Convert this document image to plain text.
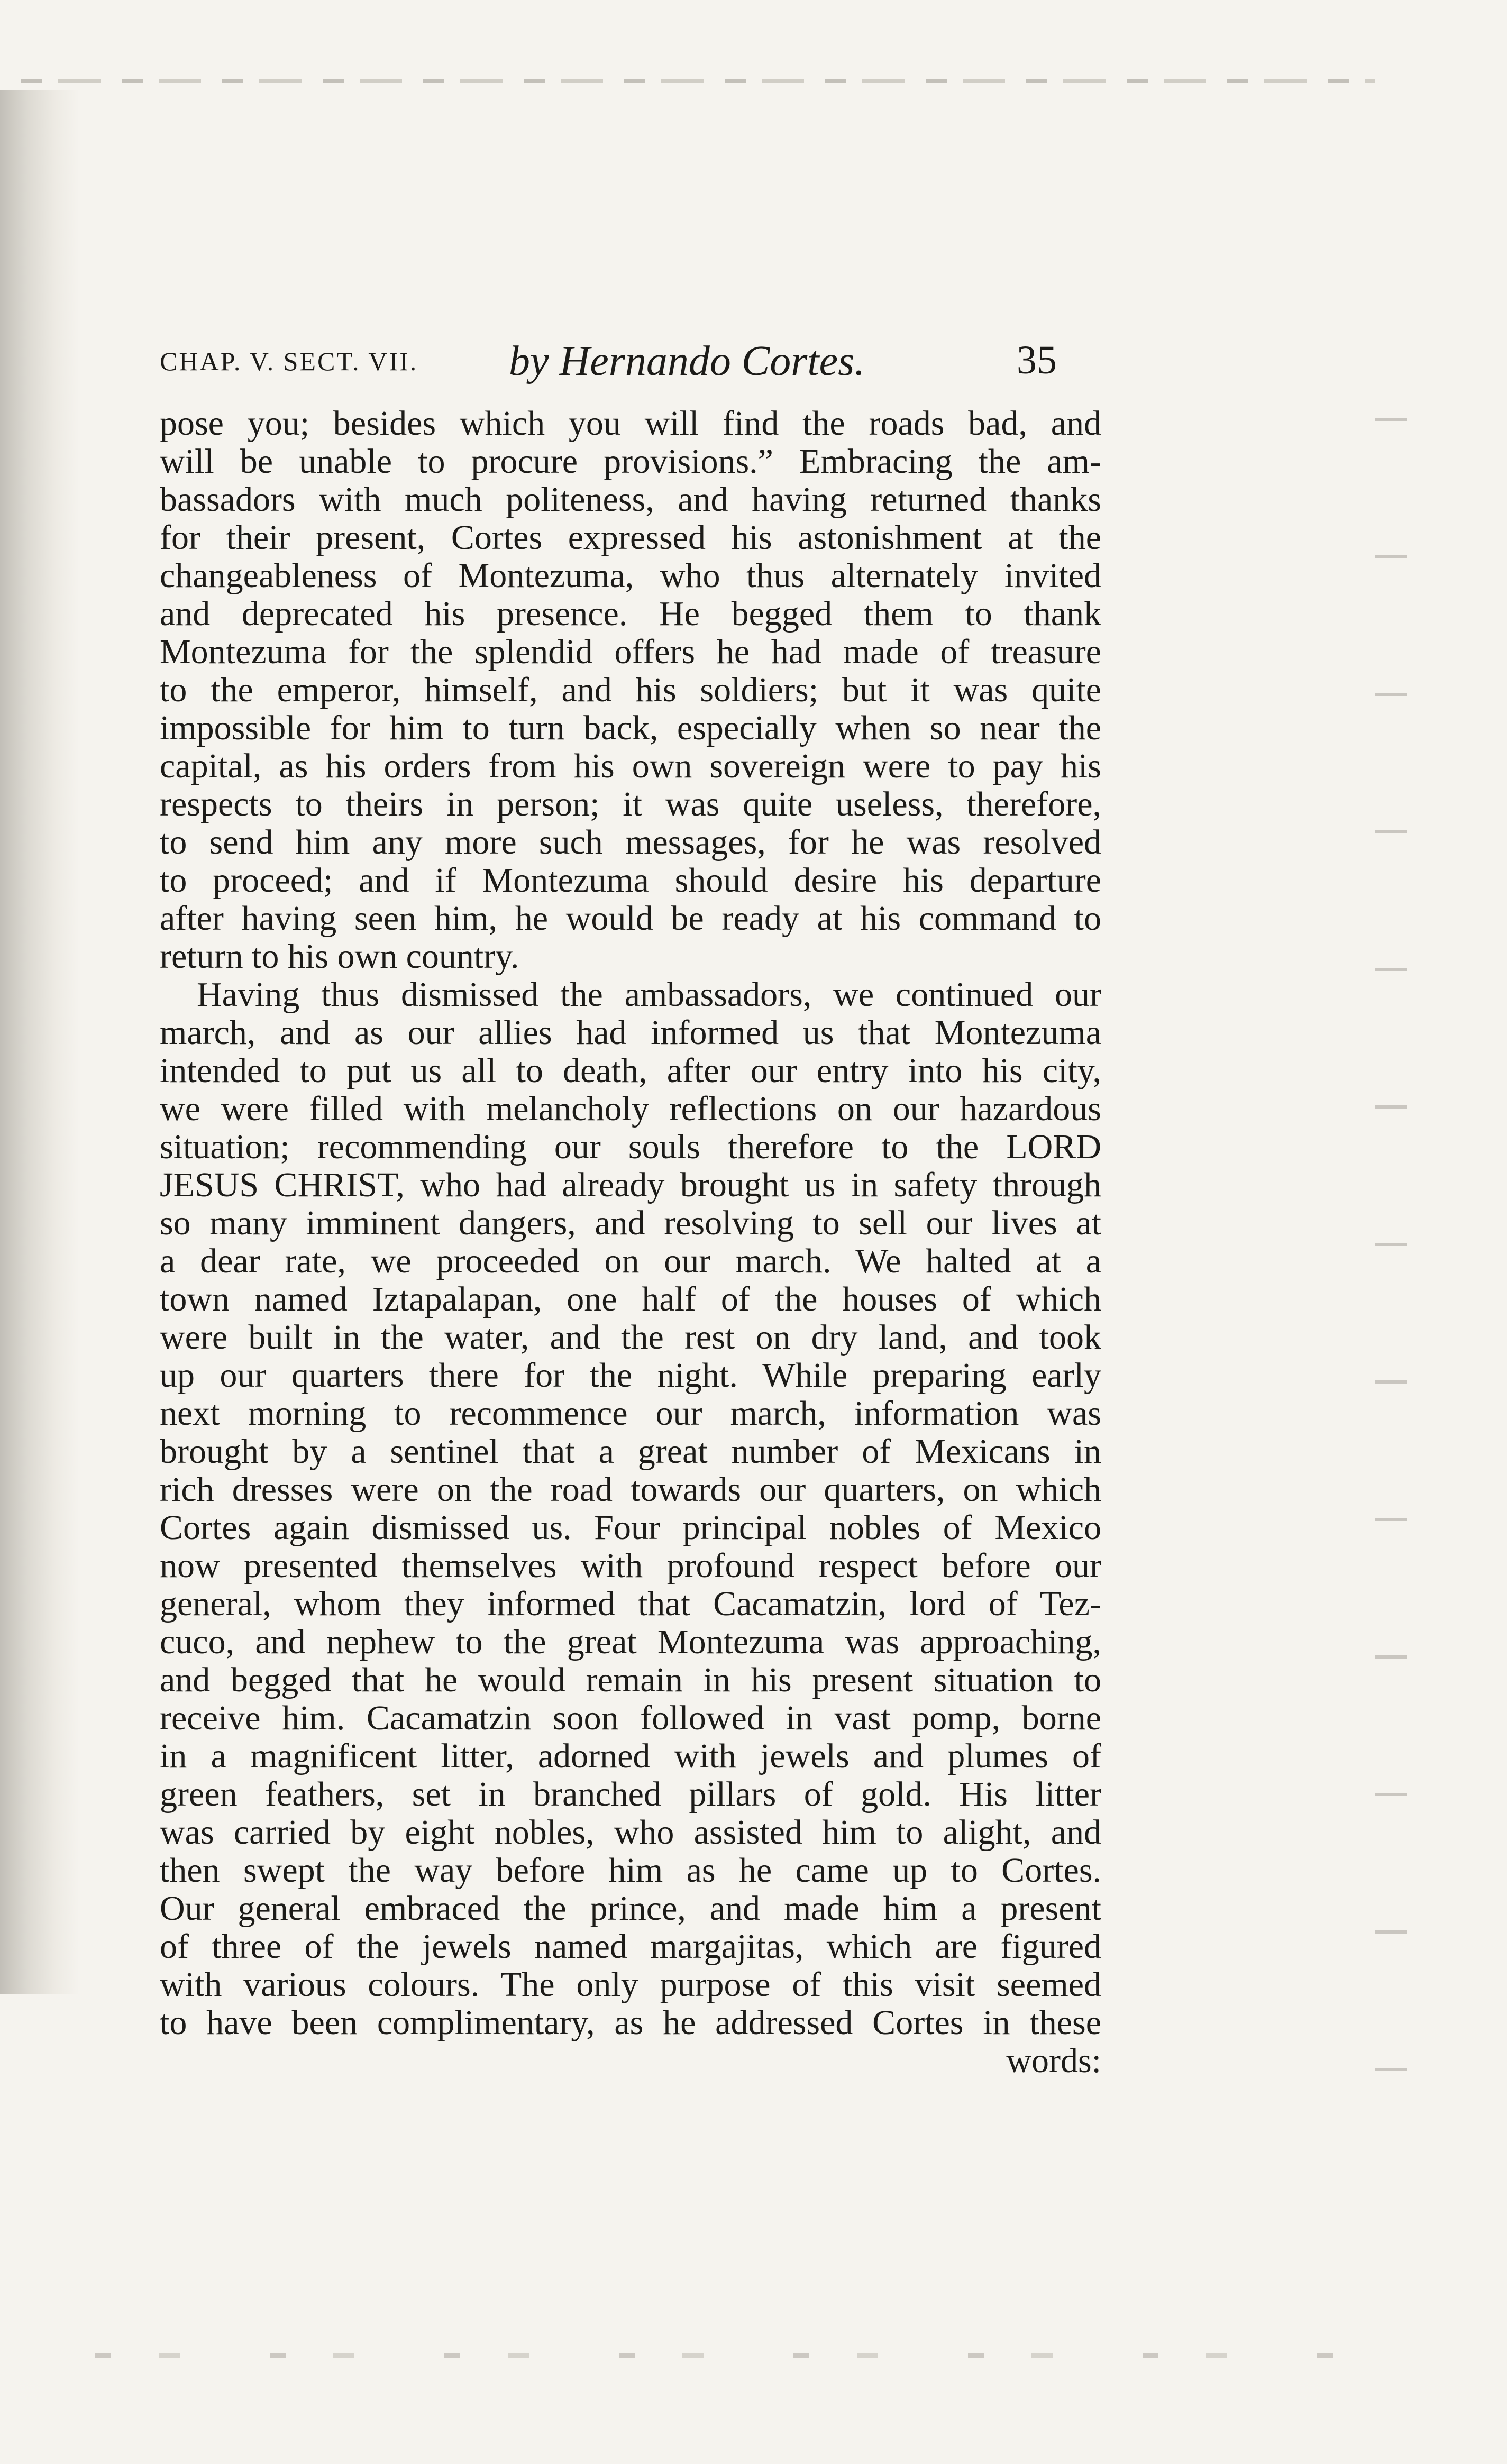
CHAP. V. SECT. VII. by Hernando Cortes.	35
pose you; besides which you will find the roads bad, and
will be unable to procure provisions.” Embracing the am-
bassadors with much politeness, and having returned thanks
for their present, Cortes expressed his astonishment at the
changeableness of Montezuma, who thus alternately invited
and deprecated his presence. He begged them to thank
Montezuma for the splendid offers he had made of treasure
to the emperor, himself, and his soldiers; but it was quite
impossible for him to turn back, especially when so near the
capital, as his orders from his own sovereign were to pay his
respects to theirs in person; it was quite useless, therefore,
to send him any more such messages, for he was resolved
to proceed; and if Montezuma should desire his departure
after having seen him, he would be ready at his command to
return to his own country.
Having thus dismissed the ambassadors, we continued our
march, and as our allies had informed us that Montezuma
intended to put us all to death, after our entry into his city,
we were filled with melancholy reflections on our hazardous
situation; recommending our souls therefore to the LORD
JESUS CHRIST, who had already brought us in safety through
so many imminent dangers, and resolving to sell our lives at
a dear rate, we proceeded on our march. We halted at a
town named Iztapalapan, one half of the houses of which
were built in the water, and the rest on dry land, and took
up our quarters there for the night. While preparing early
next morning to recommence our march, information was
brought by a sentinel that a great number of Mexicans in
rich dresses were on the road towards our quarters, on which
Cortes again dismissed us. Four principal nobles of Mexico
now presented themselves with profound respect before our
general, whom they informed that Cacamatzin, lord of Tez-
cuco, and nephew to the great Montezuma was approaching,
and begged that he would remain in his present situation to
receive him. Cacamatzin soon followed in vast pomp, borne
in a magnificent litter, adorned with jewels and plumes of
green feathers, set in branched pillars of gold. His litter
was carried by eight nobles, who assisted him to alight, and
then swept the way before him as he came up to Cortes.
Our general embraced the prince, and made him a present
of three of the jewels named margajitas, which are figured
with various colours. The only purpose of this visit seemed
to have been complimentary, as he addressed Cortes in these
words:
